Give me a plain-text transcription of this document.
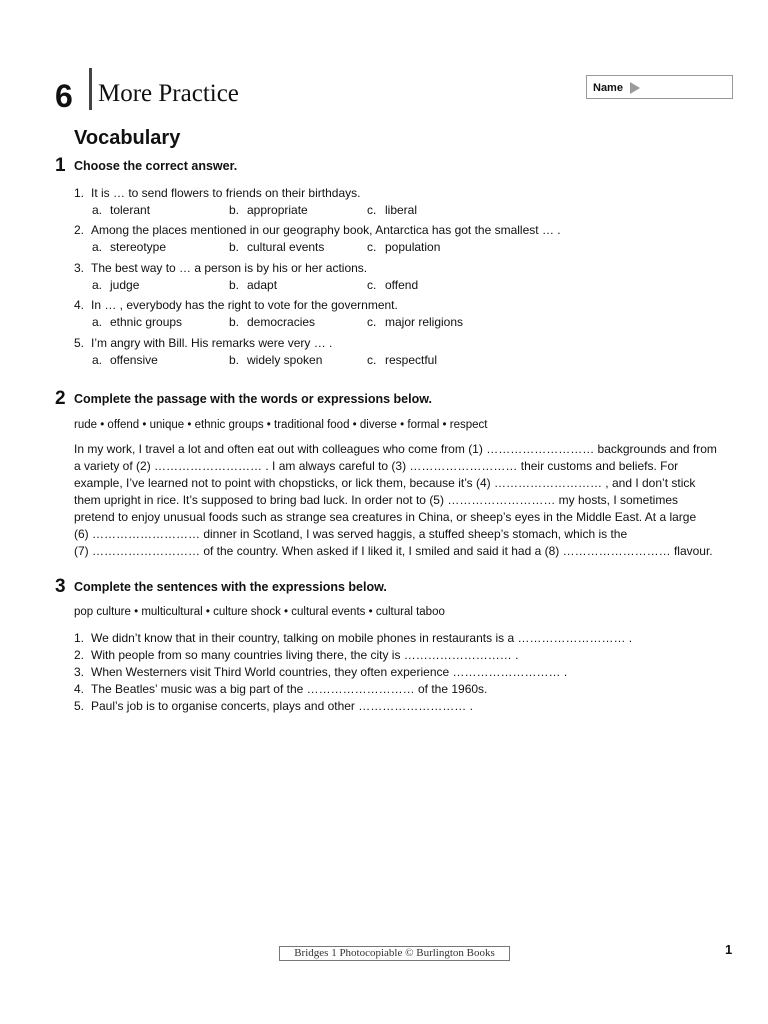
6 More Practice	Name
Vocabulary
1 Choose the correct answer.
1. It is … to send flowers to friends on their birthdays.
a. tolerant	b. appropriate	c. liberal
2. Among the places mentioned in our geography book, Antarctica has got the smallest … .
a. stereotype	b. cultural events	c. population
3. The best way to … a person is by his or her actions.
a. judge	b. adapt	c. offend
4. In … , everybody has the right to vote for the government.
a. ethnic groups	b. democracies	c. major religions
5. I’m angry with Bill. His remarks were very … .
a. offensive	b. widely spoken	c. respectful
2 Complete the passage with the words or expressions below.
rude • offend • unique • ethnic groups • traditional food • diverse • formal • respect
In my work, I travel a lot and often eat out with colleagues who come from (1) ……………………… backgrounds and from
a variety of (2) ……………………… . I am always careful to (3) ……………………… their customs and beliefs. For
example, I’ve learned not to point with chopsticks, or lick them, because it’s (4) ……………………… , and I don’t stick
them upright in rice. It’s supposed to bring bad luck. In order not to (5) ……………………… my hosts, I sometimes
pretend to enjoy unusual foods such as strange sea creatures in China, or sheep’s eyes in the Middle East. At a large
(6) ……………………… dinner in Scotland, I was served haggis, a stuffed sheep’s stomach, which is the
(7) ……………………… of the country. When asked if I liked it, I smiled and said it had a (8) ……………………… flavour.
3 Complete the sentences with the expressions below.
pop culture • multicultural • culture shock • cultural events • cultural taboo
1. We didn’t know that in their country, talking on mobile phones in restaurants is a ……………………… .
2. With people from so many countries living there, the city is ……………………… .
3. When Westerners visit Third World countries, they often experience ……………………… .
4. The Beatles’ music was a big part of the ……………………… of the 1960s.
5. Paul’s job is to organise concerts, plays and other ……………………… .
Bridges 1 Photocopiable © Burlington Books	1
